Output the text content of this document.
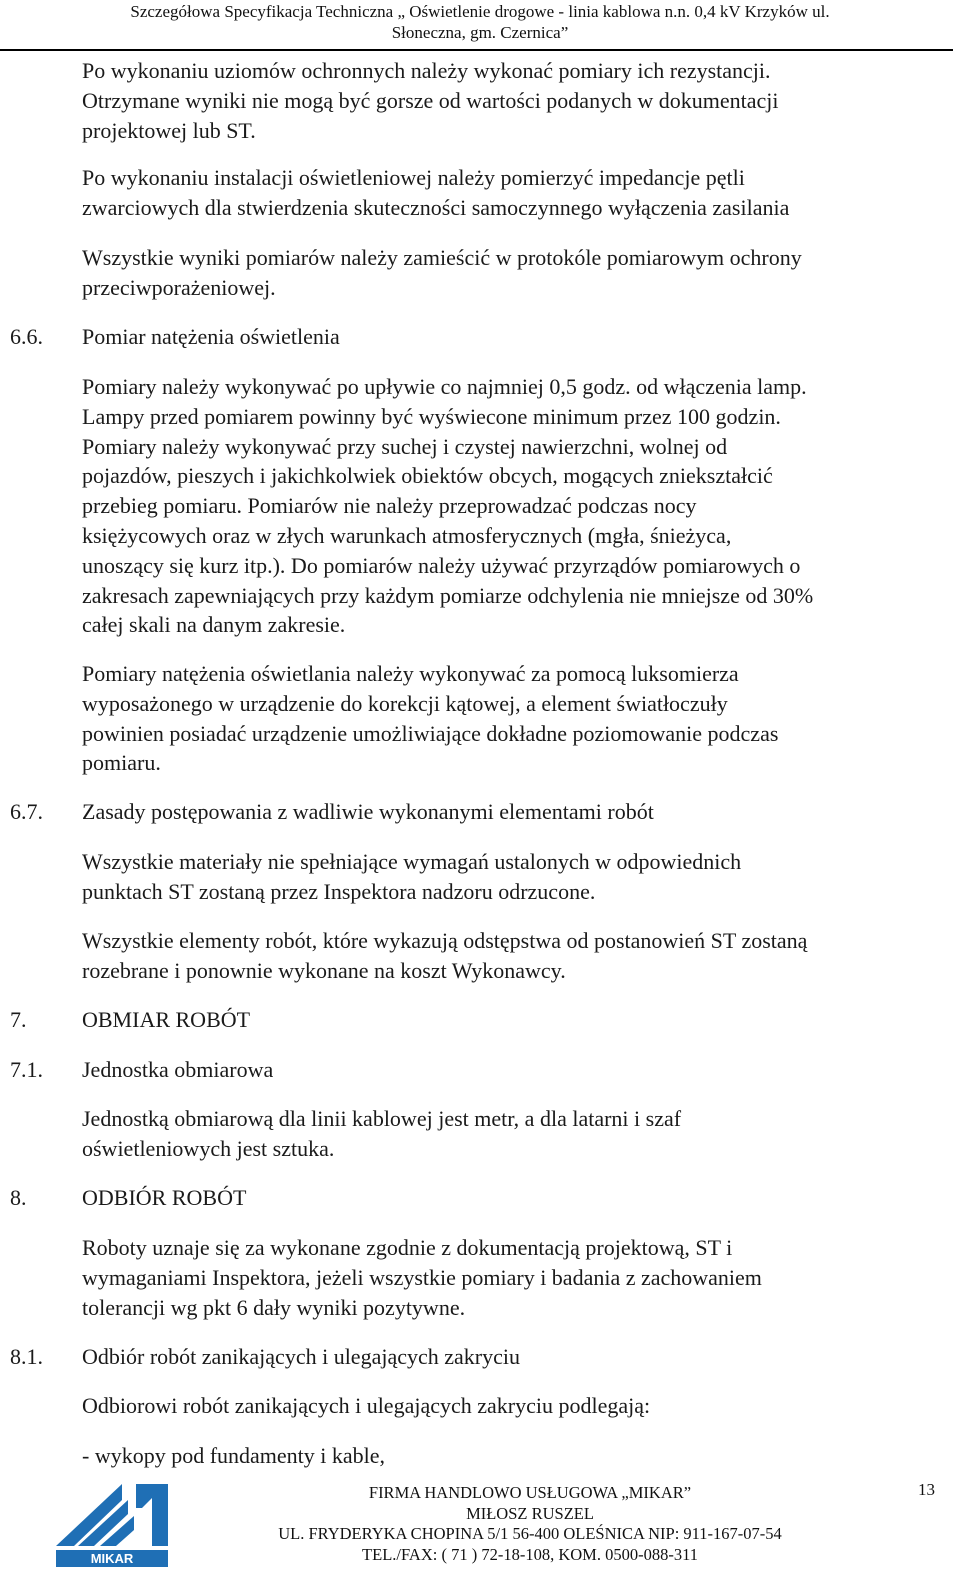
Szczegółowa Specyfikacja Techniczna „ Oświetlenie drogowe - linia kablowa n.n. 0,4 kV Krzyków ul.
Słoneczna, gm. Czernica”

Po wykonaniu uziomów ochronnych należy wykonać pomiary ich rezystancji.
Otrzymane wyniki nie mogą być gorsze od wartości podanych w dokumentacji
projektowej lub ST.

Po wykonaniu instalacji oświetleniowej należy pomierzyć impedancje pętli
zwarciowych dla stwierdzenia skuteczności samoczynnego wyłączenia zasilania

Wszystkie wyniki pomiarów należy zamieścić w protokóle pomiarowym ochrony
przeciwporażeniowej.

6.6. Pomiar natężenia oświetlenia

Pomiary należy wykonywać po upływie co najmniej 0,5 godz. od włączenia lamp.
Lampy przed pomiarem powinny być wyświecone minimum przez 100 godzin.
Pomiary należy wykonywać przy suchej i czystej nawierzchni, wolnej od
pojazdów, pieszych i jakichkolwiek obiektów obcych, mogących zniekształcić
przebieg pomiaru. Pomiarów nie należy przeprowadzać podczas nocy
księżycowych oraz w złych warunkach atmosferycznych (mgła, śnieżyca,
unoszący się kurz itp.). Do pomiarów należy używać przyrządów pomiarowych o
zakresach zapewniających przy każdym pomiarze odchylenia nie mniejsze od 30%
całej skali na danym zakresie.

Pomiary natężenia oświetlania należy wykonywać za pomocą luksomierza
wyposażonego w urządzenie do korekcji kątowej, a element światłoczuły
powinien posiadać urządzenie umożliwiające dokładne poziomowanie podczas
pomiaru.

6.7. Zasady postępowania z wadliwie wykonanymi elementami robót

Wszystkie materiały nie spełniające wymagań ustalonych w odpowiednich
punktach ST zostaną przez Inspektora nadzoru odrzucone.

Wszystkie elementy robót, które wykazują odstępstwa od postanowień ST zostaną
rozebrane i ponownie wykonane na koszt Wykonawcy.

7.	OBMIAR ROBÓT
7.1. Jednostka obmiarowa

Jednostką obmiarową dla linii kablowej jest metr, a dla latarni i szaf
oświetleniowych jest sztuka.

8.	ODBIÓR ROBÓT

Roboty uznaje się za wykonane zgodnie z dokumentacją projektową, ST i
wymaganiami Inspektora, jeżeli wszystkie pomiary i badania z zachowaniem
tolerancji wg pkt 6 dały wyniki pozytywne.

8.1. Odbiór robót zanikających i ulegających zakryciu

Odbiorowi robót zanikających i ulegających zakryciu podlegają:

- wykopy pod fundamenty i kable,
MIKAR
FIRMA HANDLOWO USŁUGOWA „MIKAR”
MIŁOSZ RUSZEL
UL. FRYDERYKA CHOPINA 5/1 56-400 OLEŚNICA NIP: 911-167-07-54
TEL./FAX: ( 71 ) 72-18-108, KOM. 0500-088-311
13
